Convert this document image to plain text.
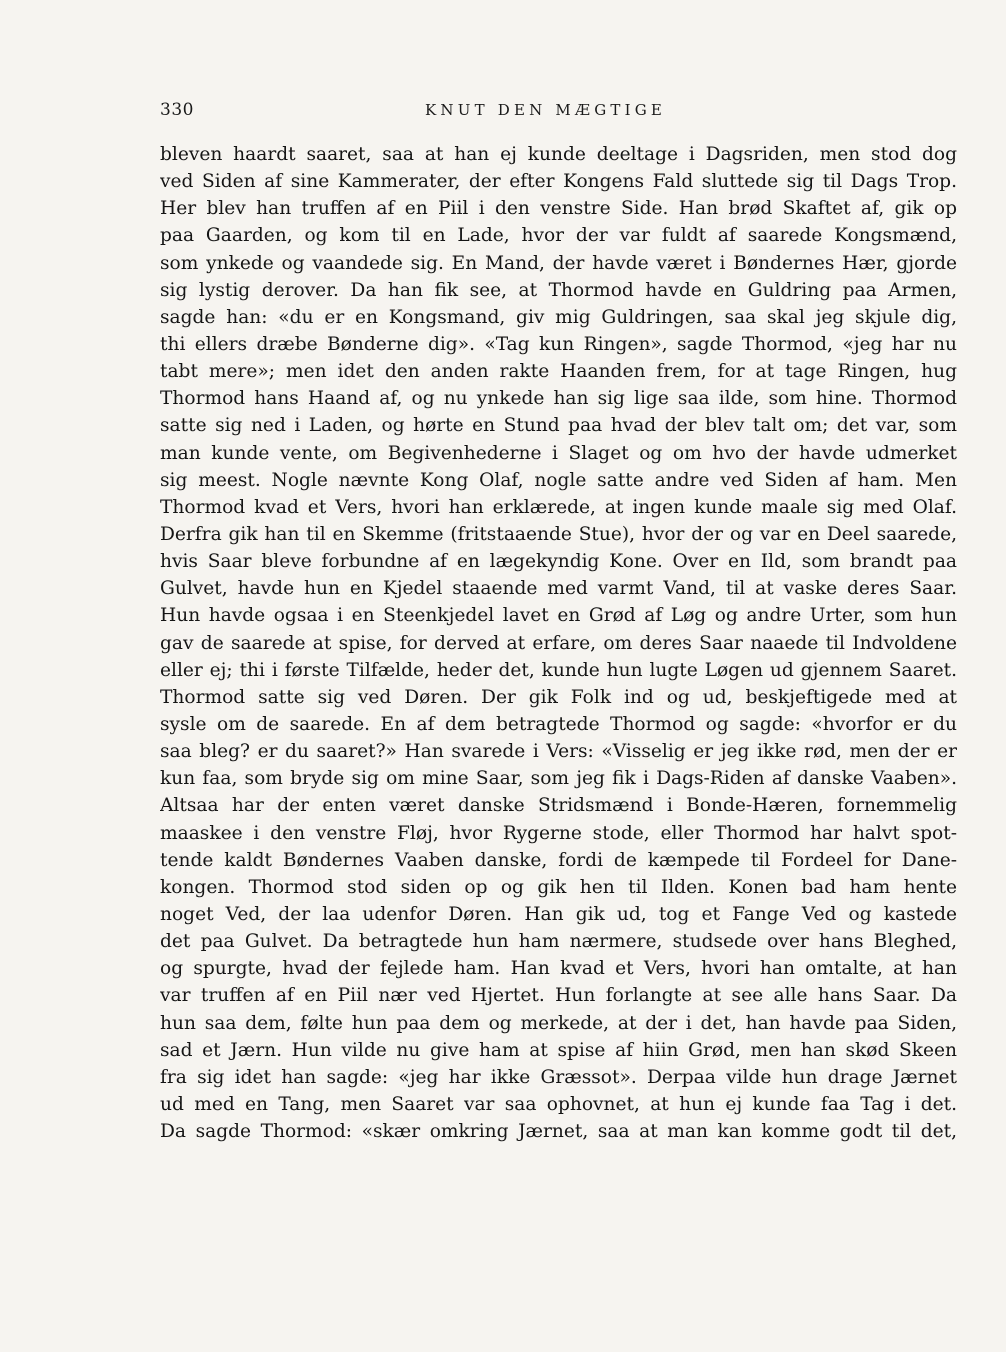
330	KNUT DEN MÆGTIGE
bleven haardt saaret, saa at han ej kunde deeltage i Dagsriden, men stod dog
ved Siden af sine Kammerater, der efter Kongens Fald sluttede sig til Dags Trop.
Her blev han truffen af en Piil i den venstre Side. Han brød Skaftet af, gik op
paa Gaarden, og kom til en Lade, hvor der var fuldt af saarede Kongsmænd,
som ynkede og vaandede sig. En Mand, der havde været i Bøndernes Hær, gjorde
sig lystig derover. Da han fik see, at Thormod havde en Guldring paa Armen,
sagde han: «du er en Kongsmand, giv mig Guldringen, saa skal jeg skjule dig,
thi ellers dræbe Bønderne dig». «Tag kun Ringen», sagde Thormod, «jeg har nu
tabt mere»; men idet den anden rakte Haanden frem, for at tage Ringen, hug
Thormod hans Haand af, og nu ynkede han sig lige saa ilde, som hine. Thormod
satte sig ned i Laden, og hørte en Stund paa hvad der blev talt om; det var, som
man kunde vente, om Begivenhederne i Slaget og om hvo der havde udmerket
sig meest. Nogle nævnte Kong Olaf, nogle satte andre ved Siden af ham. Men
Thormod kvad et Vers, hvori han erklærede, at ingen kunde maale sig med Olaf.
Derfra gik han til en Skemme (fritstaaende Stue), hvor der og var en Deel saarede,
hvis Saar bleve forbundne af en lægekyndig Kone. Over en Ild, som brandt paa
Gulvet, havde hun en Kjedel staaende med varmt Vand, til at vaske deres Saar.
Hun havde ogsaa i en Steenkjedel lavet en Grød af Løg og andre Urter, som hun
gav de saarede at spise, for derved at erfare, om deres Saar naaede til Indvoldene
eller ej; thi i første Tilfælde, heder det, kunde hun lugte Løgen ud gjennem Saaret.
Thormod satte sig ved Døren. Der gik Folk ind og ud, beskjeftigede med at
sysle om de saarede. En af dem betragtede Thormod og sagde: «hvorfor er du
saa bleg? er du saaret?» Han svarede i Vers: «Visselig er jeg ikke rød, men der er
kun faa, som bryde sig om mine Saar, som jeg fik i Dags-Riden af danske Vaaben».
Altsaa har der enten været danske Stridsmænd i Bonde-Hæren, fornemmelig
maaskee i den venstre Fløj, hvor Rygerne stode, eller Thormod har halvt spot-
tende kaldt Bøndernes Vaaben danske, fordi de kæmpede til Fordeel for Dane-
kongen. Thormod stod siden op og gik hen til Ilden. Konen bad ham hente
noget Ved, der laa udenfor Døren. Han gik ud, tog et Fange Ved og kastede
det paa Gulvet. Da betragtede hun ham nærmere, studsede over hans Bleghed,
og spurgte, hvad der fejlede ham. Han kvad et Vers, hvori han omtalte, at han
var truffen af en Piil nær ved Hjertet. Hun forlangte at see alle hans Saar. Da
hun saa dem, følte hun paa dem og merkede, at der i det, han havde paa Siden,
sad et Jærn. Hun vilde nu give ham at spise af hiin Grød, men han skød Skeen
fra sig idet han sagde: «jeg har ikke Græssot». Derpaa vilde hun drage Jærnet
ud med en Tang, men Saaret var saa ophovnet, at hun ej kunde faa Tag i det.
Da sagde Thormod: «skær omkring Jærnet, saa at man kan komme godt til det,
